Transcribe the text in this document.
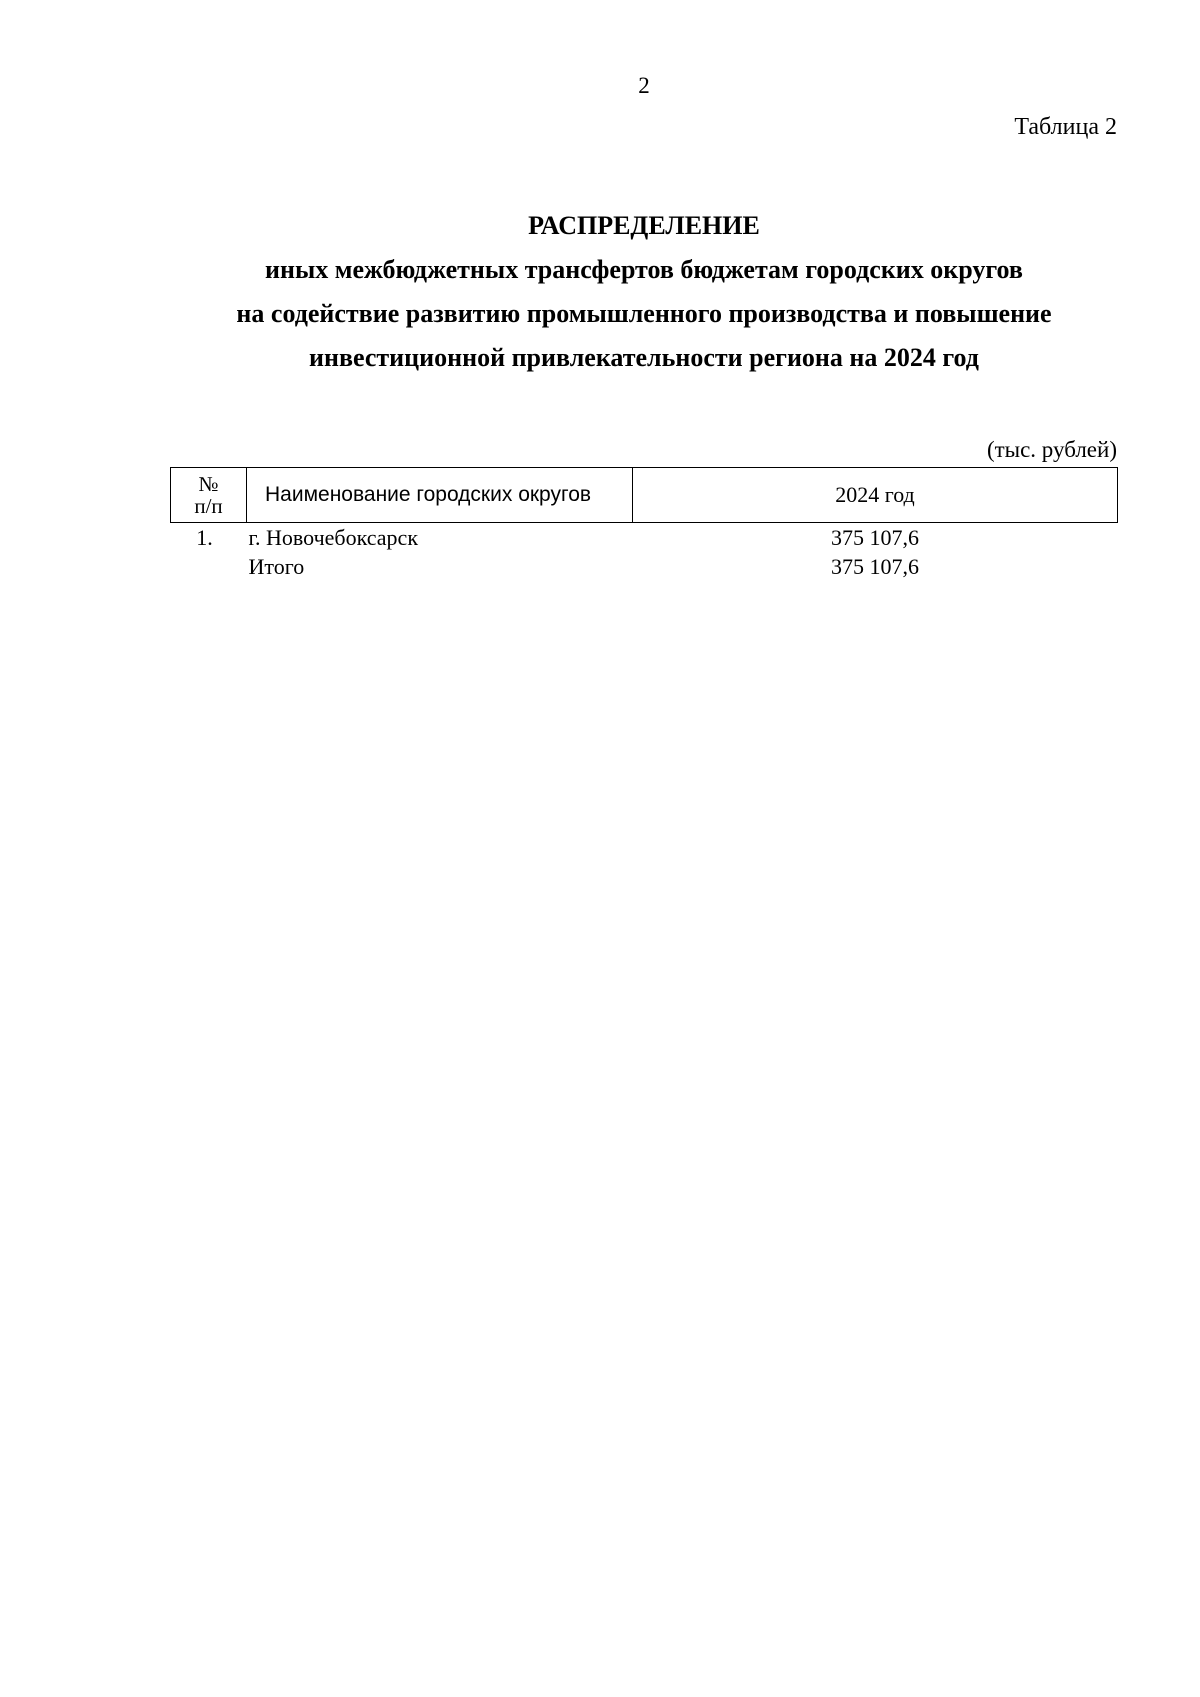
2
Таблица 2
РАСПРЕДЕЛЕНИЕ
иных межбюджетных трансфертов бюджетам городских округов
на содействие развитию промышленного производства и повышение
инвестиционной привлекательности региона на 2024 год
(тыс. рублей)
№
п/п	Наименование городских округов	2024 год
1.	г. Новочебоксарск	375 107,6
	Итого	375 107,6
